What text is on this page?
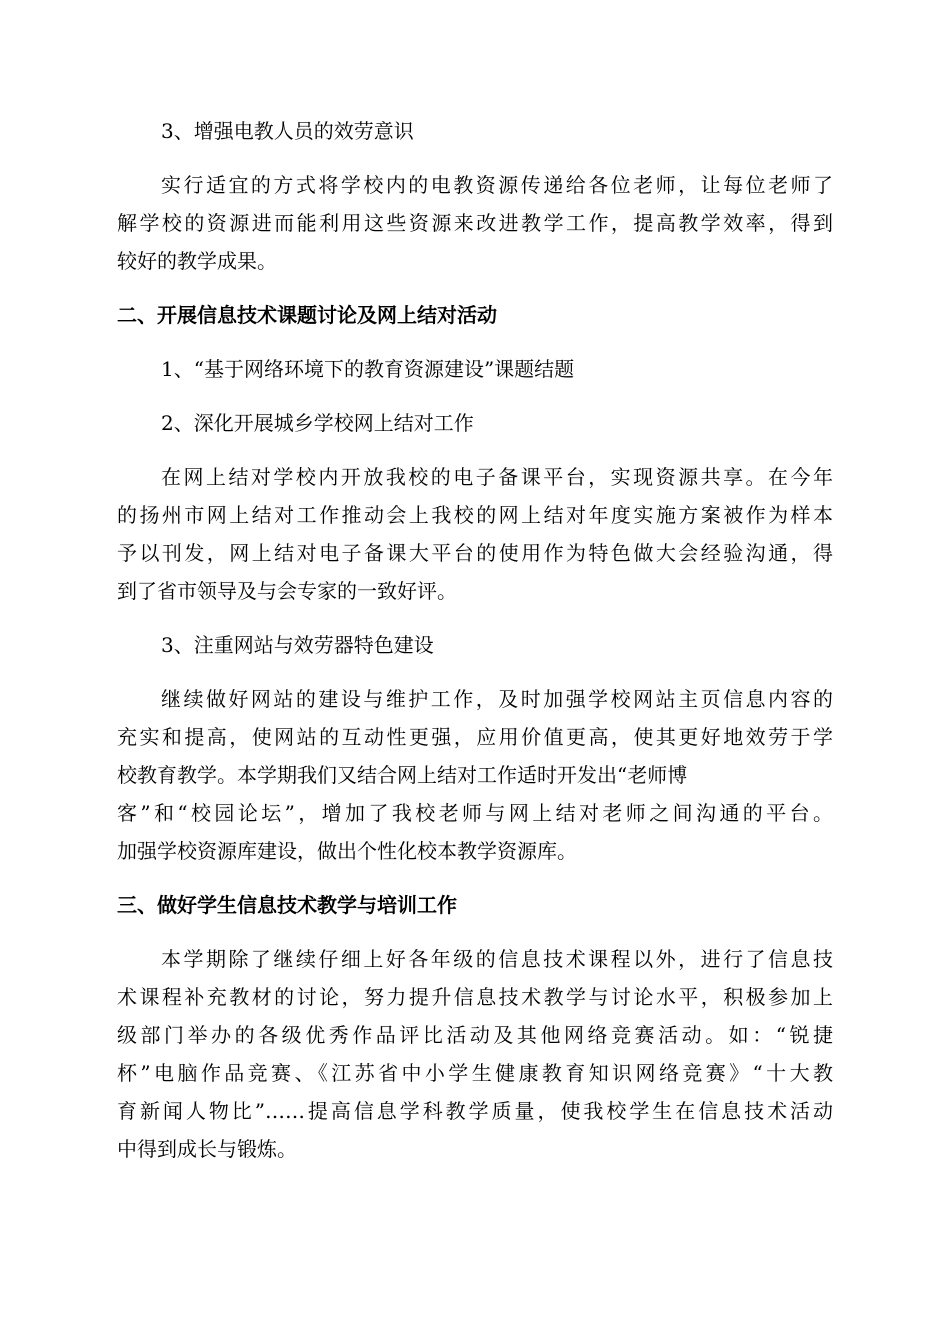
3、增强电教人员的效劳意识
实行适宜的方式将学校内的电教资源传递给各位老师，让每位老师了
解学校的资源进而能利用这些资源来改进教学工作，提高教学效率，得到
较好的教学成果。
二、开展信息技术课题讨论及网上结对活动
1、“基于网络环境下的教育资源建设”课题结题
2、深化开展城乡学校网上结对工作
在网上结对学校内开放我校的电子备课平台，实现资源共享。在今年
的扬州市网上结对工作推动会上我校的网上结对年度实施方案被作为样本
予以刊发，网上结对电子备课大平台的使用作为特色做大会经验沟通，得
到了省市领导及与会专家的一致好评。
3、注重网站与效劳器特色建设
继续做好网站的建设与维护工作，及时加强学校网站主页信息内容的
充实和提高，使网站的互动性更强，应用价值更高，使其更好地效劳于学
校教育教学。本学期我们又结合网上结对工作适时开发出“老师博
客”和“校园论坛”，增加了我校老师与网上结对老师之间沟通的平台。
加强学校资源库建设，做出个性化校本教学资源库。
三、做好学生信息技术教学与培训工作
本学期除了继续仔细上好各年级的信息技术课程以外，进行了信息技
术课程补充教材的讨论，努力提升信息技术教学与讨论水平，积极参加上
级部门举办的各级优秀作品评比活动及其他网络竞赛活动。如：“锐捷
杯”电脑作品竞赛、《江苏省中小学生健康教育知识网络竞赛》“十大教
育新闻人物比”……提高信息学科教学质量，使我校学生在信息技术活动
中得到成长与锻炼。
